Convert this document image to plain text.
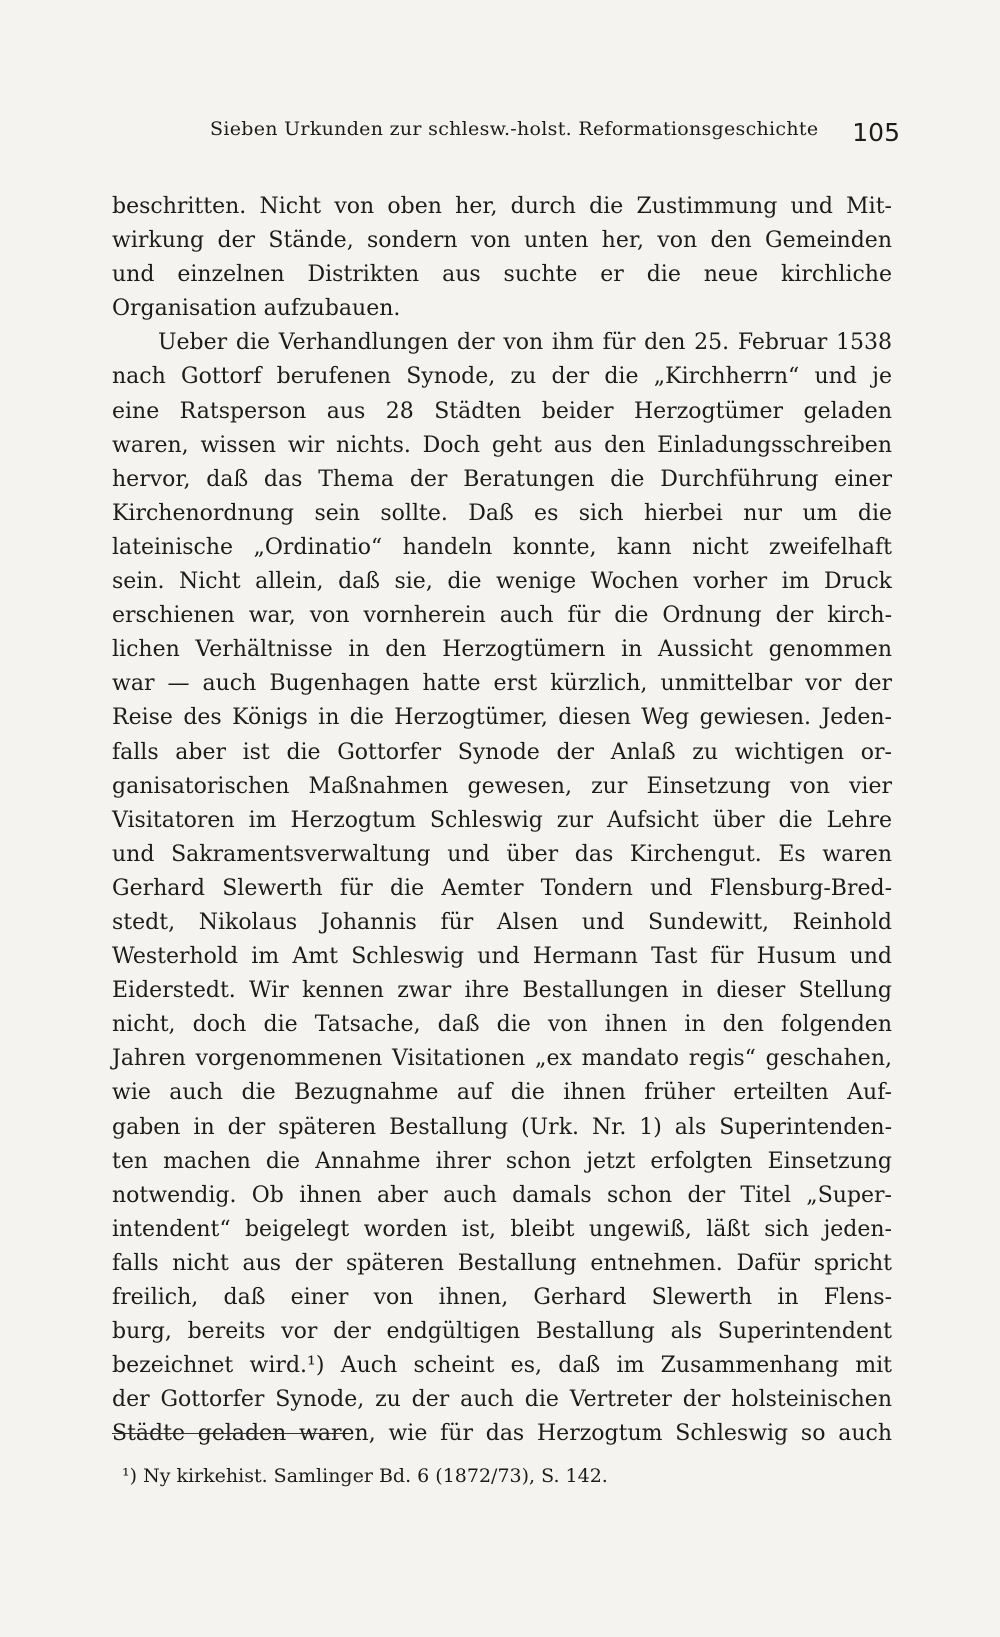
Sieben Urkunden zur schlesw.-holst. Reformationsgeschichte	105
beschritten. Nicht von oben her, durch die Zustimmung und Mit-
wirkung der Stände, sondern von unten her, von den Gemeinden
und einzelnen Distrikten aus suchte er die neue kirchliche
Organisation aufzubauen.
Ueber die Verhandlungen der von ihm für den 25. Februar 1538
nach Gottorf berufenen Synode, zu der die „Kirchherrn“ und je
eine Ratsperson aus 28 Städten beider Herzogtümer geladen
waren, wissen wir nichts. Doch geht aus den Einladungsschreiben
hervor, daß das Thema der Beratungen die Durchführung einer
Kirchenordnung sein sollte. Daß es sich hierbei nur um die
lateinische „Ordinatio“ handeln konnte, kann nicht zweifelhaft
sein. Nicht allein, daß sie, die wenige Wochen vorher im Druck
erschienen war, von vornherein auch für die Ordnung der kirch-
lichen Verhältnisse in den Herzogtümern in Aussicht genommen
war — auch Bugenhagen hatte erst kürzlich, unmittelbar vor der
Reise des Königs in die Herzogtümer, diesen Weg gewiesen. Jeden-
falls aber ist die Gottorfer Synode der Anlaß zu wichtigen or-
ganisatorischen Maßnahmen gewesen, zur Einsetzung von vier
Visitatoren im Herzogtum Schleswig zur Aufsicht über die Lehre
und Sakramentsverwaltung und über das Kirchengut. Es waren
Gerhard Slewerth für die Aemter Tondern und Flensburg-Bred-
stedt, Nikolaus Johannis für Alsen und Sundewitt, Reinhold
Westerhold im Amt Schleswig und Hermann Tast für Husum und
Eiderstedt. Wir kennen zwar ihre Bestallungen in dieser Stellung
nicht, doch die Tatsache, daß die von ihnen in den folgenden
Jahren vorgenommenen Visitationen „ex mandato regis“ geschahen,
wie auch die Bezugnahme auf die ihnen früher erteilten Auf-
gaben in der späteren Bestallung (Urk. Nr. 1) als Superintenden-
ten machen die Annahme ihrer schon jetzt erfolgten Einsetzung
notwendig. Ob ihnen aber auch damals schon der Titel „Super-
intendent“ beigelegt worden ist, bleibt ungewiß, läßt sich jeden-
falls nicht aus der späteren Bestallung entnehmen. Dafür spricht
freilich, daß einer von ihnen, Gerhard Slewerth in Flens-
burg, bereits vor der endgültigen Bestallung als Superintendent
bezeichnet wird.¹) Auch scheint es, daß im Zusammenhang mit
der Gottorfer Synode, zu der auch die Vertreter der holsteinischen
Städte geladen waren, wie für das Herzogtum Schleswig so auch
¹) Ny kirkehist. Samlinger Bd. 6 (1872/73), S. 142.
